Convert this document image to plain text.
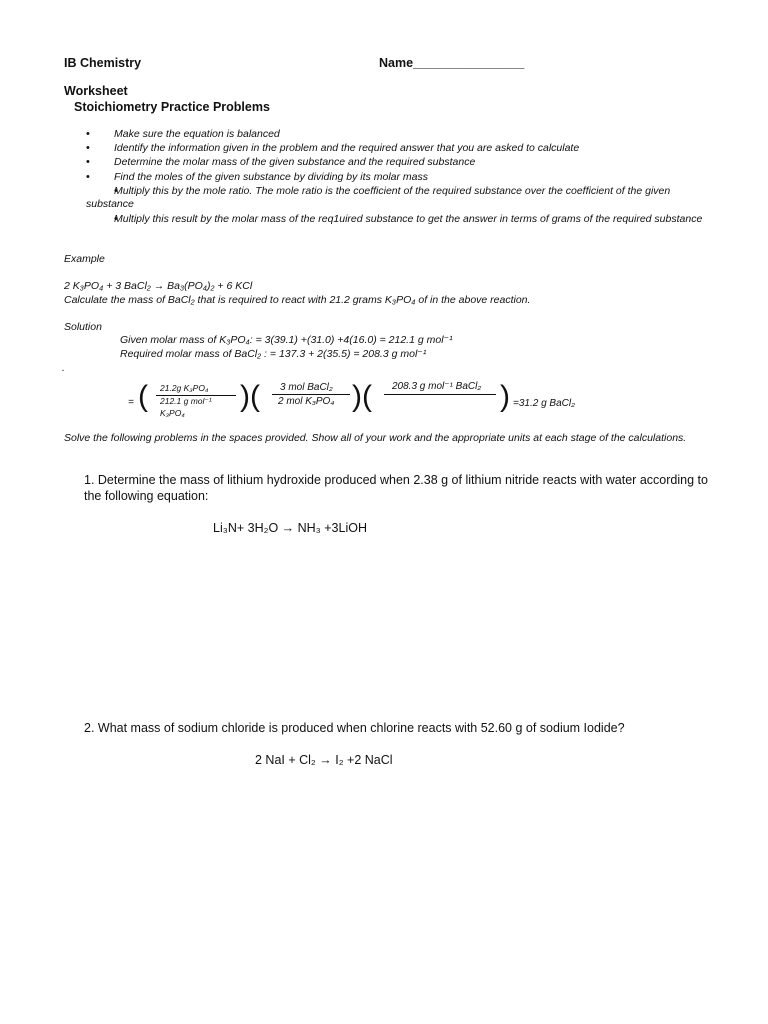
IB Chemistry	Name________________
Worksheet
Stoichiometry Practice Problems
• Make sure the equation is balanced
• Identify the information given in the problem and the required answer that you are asked to calculate
• Determine the molar mass of the given substance and the required substance
• Find the moles of the given substance by dividing by its molar mass
• Multiply this by the mole ratio. The mole ratio is the coefficient of the required substance over the coefficient of the given substance
• Multiply this result by the molar mass of the req1uired substance to get the answer in terms of grams of the required substance
Example
2 K₃PO₄ + 3 BaCl₂ → Ba₃(PO₄)₂ + 6 KCl
Calculate the mass of BaCl₂ that is required to react with 21.2 grams K₃PO₄ of in the above reaction.
Solution
Given molar mass of K₃PO₄: = 3(39.1) +(31.0) +4(16.0) = 212.1 g mol⁻¹
Required molar mass of BaCl₂ : = 137.3 + 2(35.5) = 208.3 g mol⁻¹
.
= ( 21.2g K₃PO₄
212.1 g mol⁻¹
K₃PO₄ )( 3 mol BaCl₂
2 mol K₃PO₄ )( 208.3 g mol⁻¹ BaCl₂ ) =31.2 g BaCl₂
Solve the following problems in the spaces provided. Show all of your work and the appropriate units at each stage of the calculations.
1. Determine the mass of lithium hydroxide produced when 2.38 g of lithium nitride reacts with water according to the following equation:
Li₃N+ 3H₂O → NH₃ +3LiOH
2. What mass of sodium chloride is produced when chlorine reacts with 52.60 g of sodium Iodide?
2 NaI + Cl₂ → I₂ +2 NaCl
